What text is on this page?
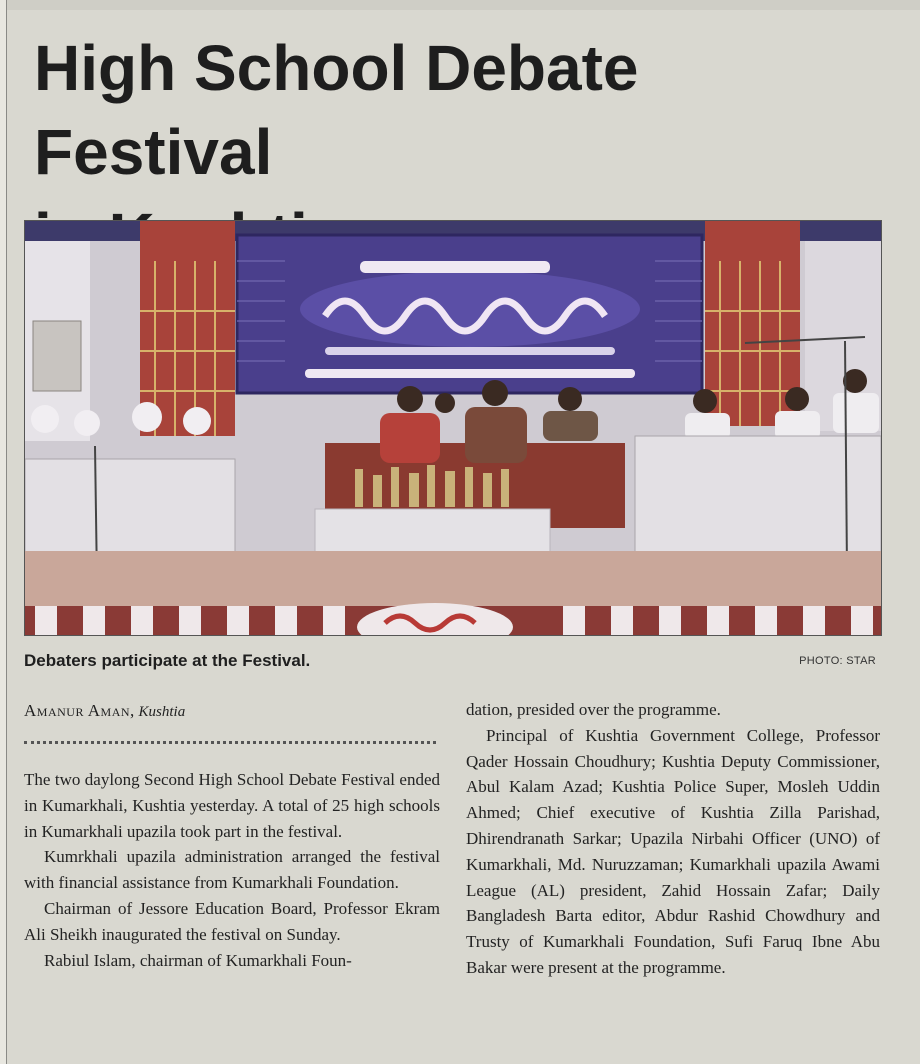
High School Debate Festival

Debaters participate at the Festival.	PHOTO: STAR
Amanur Aman, Kushtia

The two daylong Second High School Debate Festival ended in Kumarkhali, Kushtia yesterday. A total of 25 high schools in Kumarkhali upazila took part in the festival.

Kumrkhali upazila administration arranged the festival with financial assistance from Kumarkhali Foundation.

Chairman of Jessore Education Board, Professor Ekram Ali Sheikh inaugurated the festival on Sunday.

Rabiul Islam, chairman of Kumarkhali Foun-

dation, presided over the programme.

Principal of Kushtia Government College, Professor Qader Hossain Choudhury; Kushtia Deputy Commissioner, Abul Kalam Azad; Kushtia Police Super, Mosleh Uddin Ahmed; Chief executive of Kushtia Zilla Parishad, Dhirendranath Sarkar; Upazila Nirbahi Officer (UNO) of Kumarkhali, Md. Nuruzzaman; Kumarkhali upazila Awami League (AL) president, Zahid Hossain Zafar; Daily Bangladesh Barta editor, Abdur Rashid Chowdhury and Trusty of Kumarkhali Foundation, Sufi Faruq Ibne Abu Bakar were present at the programme.
